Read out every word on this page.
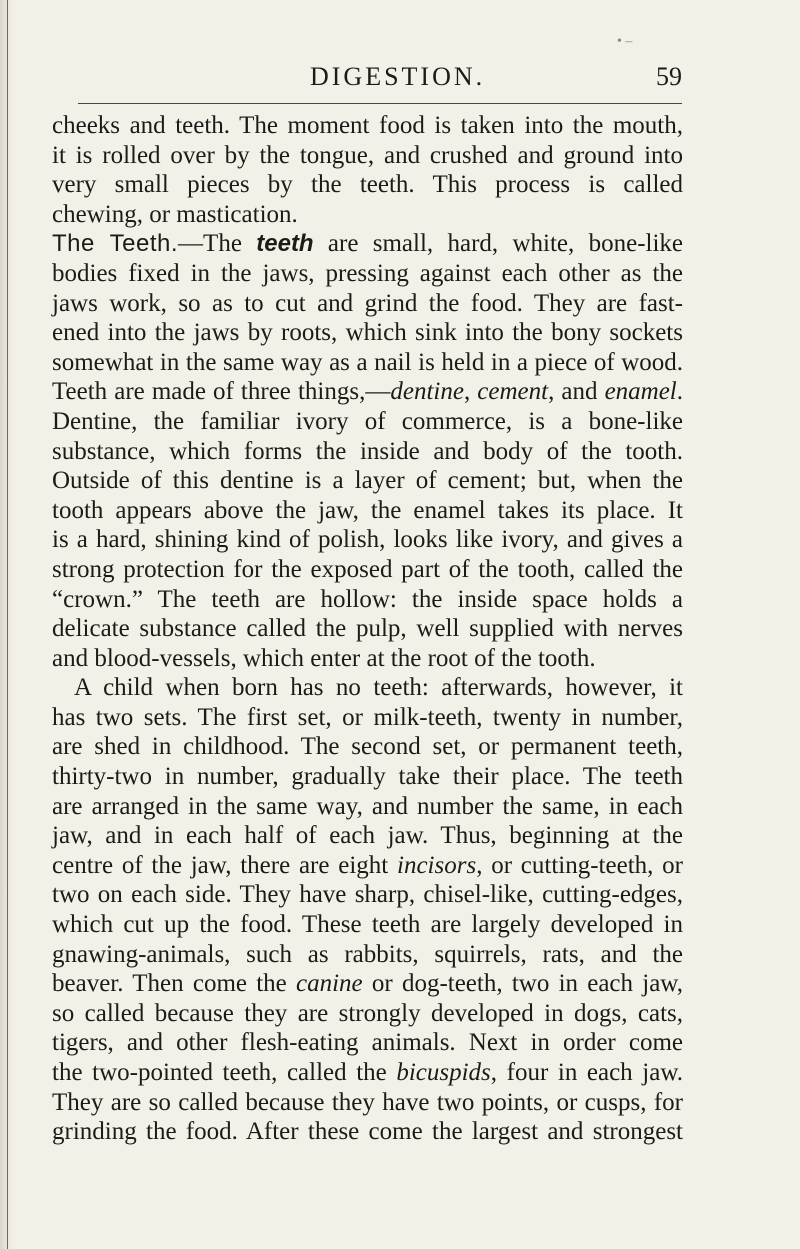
• –
DIGESTION.	59
cheeks and teeth. The moment food is taken into the mouth,
it is rolled over by the tongue, and crushed and ground into
very small pieces by the teeth. This process is called
chewing, or mastication.
The Teeth.—The teeth are small, hard, white, bone-like
bodies fixed in the jaws, pressing against each other as the
jaws work, so as to cut and grind the food. They are fast-
ened into the jaws by roots, which sink into the bony sockets
somewhat in the same way as a nail is held in a piece of wood.
Teeth are made of three things,—dentine, cement, and enamel.
Dentine, the familiar ivory of commerce, is a bone-like
substance, which forms the inside and body of the tooth.
Outside of this dentine is a layer of cement; but, when the
tooth appears above the jaw, the enamel takes its place. It
is a hard, shining kind of polish, looks like ivory, and gives a
strong protection for the exposed part of the tooth, called the
“crown.” The teeth are hollow: the inside space holds a
delicate substance called the pulp, well supplied with nerves
and blood-vessels, which enter at the root of the tooth.
A child when born has no teeth: afterwards, however, it
has two sets. The first set, or milk-teeth, twenty in number,
are shed in childhood. The second set, or permanent teeth,
thirty-two in number, gradually take their place. The teeth
are arranged in the same way, and number the same, in each
jaw, and in each half of each jaw. Thus, beginning at the
centre of the jaw, there are eight incisors, or cutting-teeth, or
two on each side. They have sharp, chisel-like, cutting-edges,
which cut up the food. These teeth are largely developed in
gnawing-animals, such as rabbits, squirrels, rats, and the
beaver. Then come the canine or dog-teeth, two in each jaw,
so called because they are strongly developed in dogs, cats,
tigers, and other flesh-eating animals. Next in order come
the two-pointed teeth, called the bicuspids, four in each jaw.
They are so called because they have two points, or cusps, for
grinding the food. After these come the largest and strongest
